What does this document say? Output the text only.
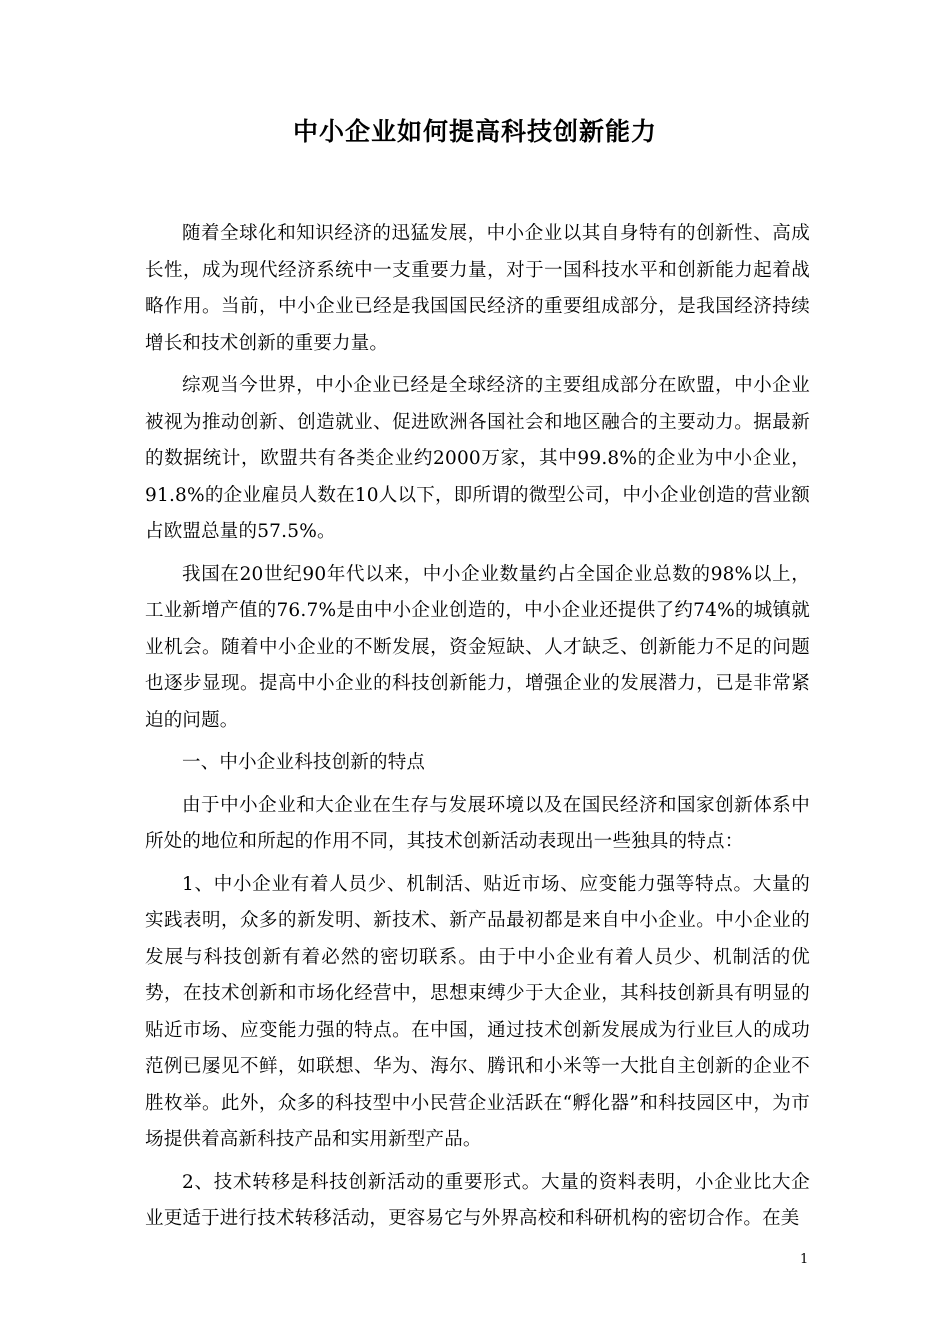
中小企业如何提高科技创新能力

随着全球化和知识经济的迅猛发展，中小企业以其自身特有的创新性、高成长性，成为现代经济系统中一支重要力量，对于一国科技水平和创新能力起着战略作用。当前，中小企业已经是我国国民经济的重要组成部分，是我国经济持续增长和技术创新的重要力量。

综观当今世界，中小企业已经是全球经济的主要组成部分在欧盟，中小企业被视为推动创新、创造就业、促进欧洲各国社会和地区融合的主要动力。据最新的数据统计，欧盟共有各类企业约2000万家，其中99.8%的企业为中小企业，91.8%的企业雇员人数在10人以下，即所谓的微型公司，中小企业创造的营业额占欧盟总量的57.5%。

我国在20世纪90年代以来，中小企业数量约占全国企业总数的98%以上，工业新增产值的76.7%是由中小企业创造的，中小企业还提供了约74%的城镇就业机会。随着中小企业的不断发展，资金短缺、人才缺乏、创新能力不足的问题也逐步显现。提高中小企业的科技创新能力，增强企业的发展潜力，已是非常紧迫的问题。

一、中小企业科技创新的特点

由于中小企业和大企业在生存与发展环境以及在国民经济和国家创新体系中所处的地位和所起的作用不同，其技术创新活动表现出一些独具的特点：

1、中小企业有着人员少、机制活、贴近市场、应变能力强等特点。大量的实践表明，众多的新发明、新技术、新产品最初都是来自中小企业。中小企业的发展与科技创新有着必然的密切联系。由于中小企业有着人员少、机制活的优势，在技术创新和市场化经营中，思想束缚少于大企业，其科技创新具有明显的贴近市场、应变能力强的特点。在中国，通过技术创新发展成为行业巨人的成功范例已屡见不鲜，如联想、华为、海尔、腾讯和小米等一大批自主创新的企业不胜枚举。此外，众多的科技型中小民营企业活跃在“孵化器”和科技园区中，为市场提供着高新科技产品和实用新型产品。

2、技术转移是科技创新活动的重要形式。大量的资料表明，小企业比大企业更适于进行技术转移活动，更容易它与外界高校和科研机构的密切合作。在美

1
